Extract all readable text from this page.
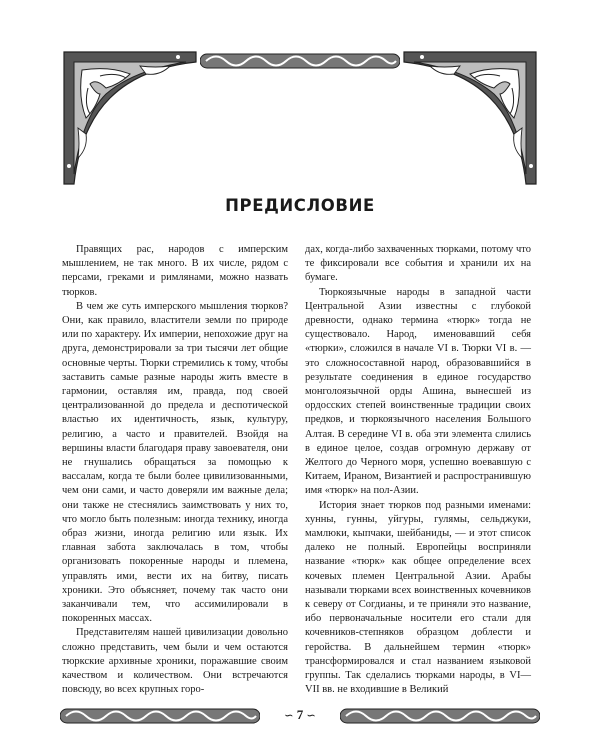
ПРЕДИСЛОВИЕ

Правящих рас, народов с имперским мышлением, не так много. В их числе, рядом с персами, греками и римлянами, можно назвать тюрков.

В чем же суть имперского мышления тюрков? Они, как правило, властители земли по природе или по характеру. Их империи, непохожие друг на друга, демонстрировали за три тысячи лет общие основные черты. Тюрки стремились к тому, чтобы заставить самые разные народы жить вместе в гармонии, оставляя им, правда, под своей централизованной до предела и деспотической властью их идентичность, язык, культуру, религию, а часто и правителей. Взойдя на вершины власти благодаря праву завоевателя, они не гнушались обращаться за помощью к вассалам, когда те были более цивилизованными, чем они сами, и часто доверяли им важные дела; они также не стеснялись заимствовать у них то, что могло быть полезным: иногда технику, иногда образ жизни, иногда религию или язык. Их главная забота заключалась в том, чтобы организовать покоренные народы и племена, управлять ими, вести их на битву, писать хроники. Это объясняет, почему так часто они заканчивали тем, что ассимилировали в покоренных массах.

Представителям нашей цивилизации довольно сложно представить, чем были и чем остаются тюркские архивные хроники, поражавшие своим качеством и количеством. Они встречаются повсюду, во всех крупных горо-

дах, когда-либо захваченных тюрками, потому что те фиксировали все события и хранили их на бумаге.

Тюркоязычные народы в западной части Центральной Азии известны с глубокой древности, однако термина «тюрк» тогда не существовало. Народ, именовавший себя «тюрки», сложился в начале VI в. Тюрки VI в. — это сложносоставной народ, образовавшийся в результате соединения в единое государство монголоязычной орды Ашина, вынесшей из ордосских степей воинственные традиции своих предков, и тюркоязычного населения Большого Алтая. В середине VI в. оба эти элемента слились в единое целое, создав огромную державу от Желтого до Черного моря, успешно воевавшую с Китаем, Ираном, Византией и распространившую имя «тюрк» на пол-Азии.

История знает тюрков под разными именами: хунны, гунны, уйгуры, гулямы, сельджуки, мамлюки, кыпчаки, шейбаниды, — и этот список далеко не полный. Европейцы восприняли название «тюрк» как общее определение всех кочевых племен Центральной Азии. Арабы называли тюрками всех воинственных кочевников к северу от Согдианы, и те приняли это название, ибо первоначальные носители его стали для кочевников-степняков образцом доблести и геройства. В дальнейшем термин «тюрк» трансформировался и стал названием языковой группы. Так сделались тюрками народы, в VI—VII вв. не входившие в Великий

∽ 7 ∽
